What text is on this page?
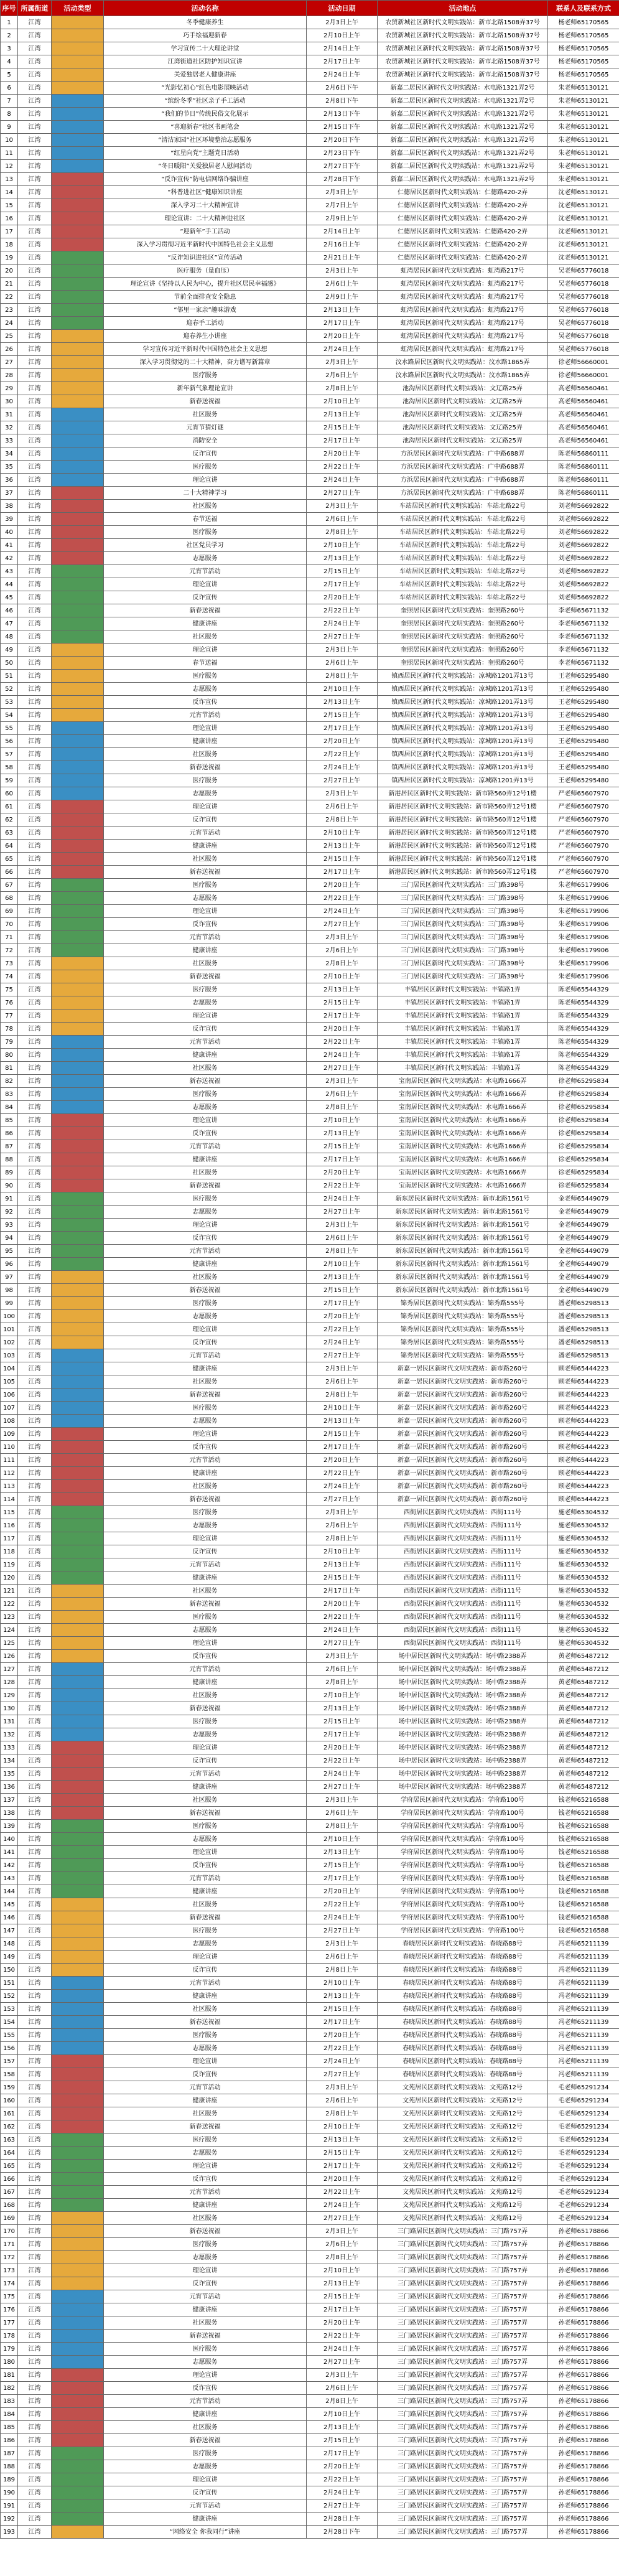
序号	所属街道	活动类型	活动名称	活动日期	活动地点	联系人及联系方式
1	江湾		冬季健康养生	2月3日上午	农贸新城社区新时代文明实践站：新市北路1508弄37号	杨老师65170565
2	江湾		巧手绘福迎新春	2月10日上午	农贸新城社区新时代文明实践站：新市北路1508弄37号	杨老师65170565
3	江湾		学习宣传二十大理论讲堂	2月14日上午	农贸新城社区新时代文明实践站：新市北路1508弄37号	杨老师65170565
4	江湾		江湾街道社区防护知识宣讲	2月17日上午	农贸新城社区新时代文明实践站：新市北路1508弄37号	杨老师65170565
5	江湾		关爱独居老人健康讲座	2月24日上午	农贸新城社区新时代文明实践站：新市北路1508弄37号	杨老师65170565
6	江湾		“光影忆初心”红色电影展映活动	2月6日下午	新嘉二居民区新时代文明实践站：水电路1321弄2号	朱老师65130121
7	江湾		“缤纷冬季”社区亲子手工活动	2月8日下午	新嘉二居民区新时代文明实践站：水电路1321弄2号	朱老师65130121
8	江湾		“我们的节日”传统民俗文化展示	2月13日下午	新嘉二居民区新时代文明实践站：水电路1321弄2号	朱老师65130121
9	江湾		“喜迎新春”社区书画笔会	2月15日下午	新嘉二居民区新时代文明实践站：水电路1321弄2号	朱老师65130121
10	江湾		“清洁家园”社区环境整治志愿服务	2月20日下午	新嘉二居民区新时代文明实践站：水电路1321弄2号	朱老师65130121
11	江湾		“红星向党”主题党日活动	2月23日下午	新嘉二居民区新时代文明实践站：水电路1321弄2号	朱老师65130121
12	江湾		“冬日暖阳”关爱独居老人慰问活动	2月27日下午	新嘉二居民区新时代文明实践站：水电路1321弄2号	朱老师65130121
13	江湾		“反诈宣传”防电信网络诈骗讲座	2月28日下午	新嘉二居民区新时代文明实践站：水电路1321弄2号	朱老师65130121
14	江湾		“科普进社区”健康知识讲座	2月3日上午	仁德居民区新时代文明实践站：仁德路420-2弄	沈老师65130121
15	江湾		深入学习二十大精神宣讲	2月7日上午	仁德居民区新时代文明实践站：仁德路420-2弄	沈老师65130121
16	江湾		理论宣讲：二十大精神进社区	2月9日上午	仁德居民区新时代文明实践站：仁德路420-2弄	沈老师65130121
17	江湾		“迎新年”手工活动	2月14日上午	仁德居民区新时代文明实践站：仁德路420-2弄	沈老师65130121
18	江湾		深入学习贯彻习近平新时代中国特色社会主义思想	2月16日上午	仁德居民区新时代文明实践站：仁德路420-2弄	沈老师65130121
19	江湾		“反诈知识进社区”宣传活动	2月21日上午	仁德居民区新时代文明实践站：仁德路420-2弄	沈老师65130121
20	江湾		医疗服务（量血压）	2月3日上午	虹湾居民区新时代文明实践站：虹湾路217号	吴老师65776018
21	江湾		理论宣讲《坚持以人民为中心，提升社区居民幸福感》	2月6日上午	虹湾居民区新时代文明实践站：虹湾路217号	吴老师65776018
22	江湾		节前全面排查安全隐患	2月9日上午	虹湾居民区新时代文明实践站：虹湾路217号	吴老师65776018
23	江湾		“邻里一家亲”趣味游戏	2月13日上午	虹湾居民区新时代文明实践站：虹湾路217号	吴老师65776018
24	江湾		迎春手工活动	2月17日上午	虹湾居民区新时代文明实践站：虹湾路217号	吴老师65776018
25	江湾		迎春养生小讲座	2月20日上午	虹湾居民区新时代文明实践站：虹湾路217号	吴老师65776018
26	江湾		学习宣传习近平新时代中国特色社会主义思想	2月24日上午	虹湾居民区新时代文明实践站：虹湾路217号	吴老师65776018
27	江湾		深入学习贯彻党的二十大精神，奋力谱写新篇章	2月3日上午	汶水路居民区新时代文明实践站：汶水路1865弄	徐老师56660001
28	江湾		医疗服务	2月6日上午	汶水路居民区新时代文明实践站：汶水路1865弄	徐老师56660001
29	江湾		新年新气象理论宣讲	2月8日上午	池沟居民区新时代文明实践站：文辽路25弄	高老师56560461
30	江湾		新春送祝福	2月10日上午	池沟居民区新时代文明实践站：文辽路25弄	高老师56560461
31	江湾		社区服务	2月13日上午	池沟居民区新时代文明实践站：文辽路25弄	高老师56560461
32	江湾		元宵节猜灯谜	2月15日上午	池沟居民区新时代文明实践站：文辽路25弄	高老师56560461
33	江湾		消防安全	2月17日上午	池沟居民区新时代文明实践站：文辽路25弄	高老师56560461
34	江湾		反诈宣传	2月20日上午	方浜居民区新时代文明实践站：广中路688弄	陈老师56860111
35	江湾		医疗服务	2月22日上午	方浜居民区新时代文明实践站：广中路688弄	陈老师56860111
36	江湾		理论宣讲	2月24日上午	方浜居民区新时代文明实践站：广中路688弄	陈老师56860111
37	江湾		二十大精神学习	2月27日上午	方浜居民区新时代文明实践站：广中路688弄	陈老师56860111
38	江湾		社区服务	2月3日上午	车站居民区新时代文明实践站：车站北路22号	刘老师56692822
39	江湾		春节送福	2月6日上午	车站居民区新时代文明实践站：车站北路22号	刘老师56692822
40	江湾		医疗服务	2月8日上午	车站居民区新时代文明实践站：车站北路22号	刘老师56692822
41	江湾		社区党员学习	2月10日上午	车站居民区新时代文明实践站：车站北路22号	刘老师56692822
42	江湾		志愿服务	2月13日上午	车站居民区新时代文明实践站：车站北路22号	刘老师56692822
43	江湾		元宵节活动	2月15日上午	车站居民区新时代文明实践站：车站北路22号	刘老师56692822
44	江湾		理论宣讲	2月17日上午	车站居民区新时代文明实践站：车站北路22号	刘老师56692822
45	江湾		反诈宣传	2月20日上午	车站居民区新时代文明实践站：车站北路22号	刘老师56692822
46	江湾		新春送祝福	2月22日上午	奎照居民区新时代文明实践站：奎照路260号	李老师65671132
47	江湾		健康讲座	2月24日上午	奎照居民区新时代文明实践站：奎照路260号	李老师65671132
48	江湾		社区服务	2月27日上午	奎照居民区新时代文明实践站：奎照路260号	李老师65671132
49	江湾		理论宣讲	2月3日上午	奎照居民区新时代文明实践站：奎照路260号	李老师65671132
50	江湾		春节送福	2月6日上午	奎照居民区新时代文明实践站：奎照路260号	李老师65671132
51	江湾		医疗服务	2月8日上午	镇西居民区新时代文明实践站：凉城路1201弄13号	王老师65295480
52	江湾		志愿服务	2月10日上午	镇西居民区新时代文明实践站：凉城路1201弄13号	王老师65295480
53	江湾		反诈宣传	2月13日上午	镇西居民区新时代文明实践站：凉城路1201弄13号	王老师65295480
54	江湾		元宵节活动	2月15日上午	镇西居民区新时代文明实践站：凉城路1201弄13号	王老师65295480
55	江湾		理论宣讲	2月17日上午	镇西居民区新时代文明实践站：凉城路1201弄13号	王老师65295480
56	江湾		健康讲座	2月20日上午	镇西居民区新时代文明实践站：凉城路1201弄13号	王老师65295480
57	江湾		社区服务	2月22日上午	镇西居民区新时代文明实践站：凉城路1201弄13号	王老师65295480
58	江湾		新春送祝福	2月24日上午	镇西居民区新时代文明实践站：凉城路1201弄13号	王老师65295480
59	江湾		医疗服务	2月27日上午	镇西居民区新时代文明实践站：凉城路1201弄13号	王老师65295480
60	江湾		志愿服务	2月3日上午	新港居民区新时代文明实践站：新市路560弄12号1楼	严老师65607970
61	江湾		理论宣讲	2月6日上午	新港居民区新时代文明实践站：新市路560弄12号1楼	严老师65607970
62	江湾		反诈宣传	2月8日上午	新港居民区新时代文明实践站：新市路560弄12号1楼	严老师65607970
63	江湾		元宵节活动	2月10日上午	新港居民区新时代文明实践站：新市路560弄12号1楼	严老师65607970
64	江湾		健康讲座	2月13日上午	新港居民区新时代文明实践站：新市路560弄12号1楼	严老师65607970
65	江湾		社区服务	2月15日上午	新港居民区新时代文明实践站：新市路560弄12号1楼	严老师65607970
66	江湾		新春送祝福	2月17日上午	新港居民区新时代文明实践站：新市路560弄12号1楼	严老师65607970
67	江湾		医疗服务	2月20日上午	三门居民区新时代文明实践站：三门路398号	朱老师65179906
68	江湾		志愿服务	2月22日上午	三门居民区新时代文明实践站：三门路398号	朱老师65179906
69	江湾		理论宣讲	2月24日上午	三门居民区新时代文明实践站：三门路398号	朱老师65179906
70	江湾		反诈宣传	2月27日上午	三门居民区新时代文明实践站：三门路398号	朱老师65179906
71	江湾		元宵节活动	2月3日上午	三门居民区新时代文明实践站：三门路398号	朱老师65179906
72	江湾		健康讲座	2月6日上午	三门居民区新时代文明实践站：三门路398号	朱老师65179906
73	江湾		社区服务	2月8日上午	三门居民区新时代文明实践站：三门路398号	朱老师65179906
74	江湾		新春送祝福	2月10日上午	三门居民区新时代文明实践站：三门路398号	朱老师65179906
75	江湾		医疗服务	2月13日上午	丰镇居民区新时代文明实践站：丰镇路1弄	陈老师65544329
76	江湾		志愿服务	2月15日上午	丰镇居民区新时代文明实践站：丰镇路1弄	陈老师65544329
77	江湾		理论宣讲	2月17日上午	丰镇居民区新时代文明实践站：丰镇路1弄	陈老师65544329
78	江湾		反诈宣传	2月20日上午	丰镇居民区新时代文明实践站：丰镇路1弄	陈老师65544329
79	江湾		元宵节活动	2月22日上午	丰镇居民区新时代文明实践站：丰镇路1弄	陈老师65544329
80	江湾		健康讲座	2月24日上午	丰镇居民区新时代文明实践站：丰镇路1弄	陈老师65544329
81	江湾		社区服务	2月27日上午	丰镇居民区新时代文明实践站：丰镇路1弄	陈老师65544329
82	江湾		新春送祝福	2月3日上午	宝南居民区新时代文明实践站：水电路1666弄	徐老师65295834
83	江湾		医疗服务	2月6日上午	宝南居民区新时代文明实践站：水电路1666弄	徐老师65295834
84	江湾		志愿服务	2月8日上午	宝南居民区新时代文明实践站：水电路1666弄	徐老师65295834
85	江湾		理论宣讲	2月10日上午	宝南居民区新时代文明实践站：水电路1666弄	徐老师65295834
86	江湾		反诈宣传	2月13日上午	宝南居民区新时代文明实践站：水电路1666弄	徐老师65295834
87	江湾		元宵节活动	2月15日上午	宝南居民区新时代文明实践站：水电路1666弄	徐老师65295834
88	江湾		健康讲座	2月17日上午	宝南居民区新时代文明实践站：水电路1666弄	徐老师65295834
89	江湾		社区服务	2月20日上午	宝南居民区新时代文明实践站：水电路1666弄	徐老师65295834
90	江湾		新春送祝福	2月22日上午	宝南居民区新时代文明实践站：水电路1666弄	徐老师65295834
91	江湾		医疗服务	2月24日上午	新东居民区新时代文明实践站：新市北路1561号	金老师65449079
92	江湾		志愿服务	2月27日上午	新东居民区新时代文明实践站：新市北路1561号	金老师65449079
93	江湾		理论宣讲	2月3日上午	新东居民区新时代文明实践站：新市北路1561号	金老师65449079
94	江湾		反诈宣传	2月6日上午	新东居民区新时代文明实践站：新市北路1561号	金老师65449079
95	江湾		元宵节活动	2月8日上午	新东居民区新时代文明实践站：新市北路1561号	金老师65449079
96	江湾		健康讲座	2月10日上午	新东居民区新时代文明实践站：新市北路1561号	金老师65449079
97	江湾		社区服务	2月13日上午	新东居民区新时代文明实践站：新市北路1561号	金老师65449079
98	江湾		新春送祝福	2月15日上午	新东居民区新时代文明实践站：新市北路1561号	金老师65449079
99	江湾		医疗服务	2月17日上午	锦秀居民区新时代文明实践站：锦秀路555号	潘老师65298513
100	江湾		志愿服务	2月20日上午	锦秀居民区新时代文明实践站：锦秀路555号	潘老师65298513
101	江湾		理论宣讲	2月22日上午	锦秀居民区新时代文明实践站：锦秀路555号	潘老师65298513
102	江湾		反诈宣传	2月24日上午	锦秀居民区新时代文明实践站：锦秀路555号	潘老师65298513
103	江湾		元宵节活动	2月27日上午	锦秀居民区新时代文明实践站：锦秀路555号	潘老师65298513
104	江湾		健康讲座	2月3日上午	新嘉一居民区新时代文明实践站：新市路260号	顾老师65444223
105	江湾		社区服务	2月6日上午	新嘉一居民区新时代文明实践站：新市路260号	顾老师65444223
106	江湾		新春送祝福	2月8日上午	新嘉一居民区新时代文明实践站：新市路260号	顾老师65444223
107	江湾		医疗服务	2月10日上午	新嘉一居民区新时代文明实践站：新市路260号	顾老师65444223
108	江湾		志愿服务	2月13日上午	新嘉一居民区新时代文明实践站：新市路260号	顾老师65444223
109	江湾		理论宣讲	2月15日上午	新嘉一居民区新时代文明实践站：新市路260号	顾老师65444223
110	江湾		反诈宣传	2月17日上午	新嘉一居民区新时代文明实践站：新市路260号	顾老师65444223
111	江湾		元宵节活动	2月20日上午	新嘉一居民区新时代文明实践站：新市路260号	顾老师65444223
112	江湾		健康讲座	2月22日上午	新嘉一居民区新时代文明实践站：新市路260号	顾老师65444223
113	江湾		社区服务	2月24日上午	新嘉一居民区新时代文明实践站：新市路260号	顾老师65444223
114	江湾		新春送祝福	2月27日上午	新嘉一居民区新时代文明实践站：新市路260号	顾老师65444223
115	江湾		医疗服务	2月3日上午	西街居民区新时代文明实践站：西街111号	施老师65304532
116	江湾		志愿服务	2月6日上午	西街居民区新时代文明实践站：西街111号	施老师65304532
117	江湾		理论宣讲	2月8日上午	西街居民区新时代文明实践站：西街111号	施老师65304532
118	江湾		反诈宣传	2月10日上午	西街居民区新时代文明实践站：西街111号	施老师65304532
119	江湾		元宵节活动	2月13日上午	西街居民区新时代文明实践站：西街111号	施老师65304532
120	江湾		健康讲座	2月15日上午	西街居民区新时代文明实践站：西街111号	施老师65304532
121	江湾		社区服务	2月17日上午	西街居民区新时代文明实践站：西街111号	施老师65304532
122	江湾		新春送祝福	2月20日上午	西街居民区新时代文明实践站：西街111号	施老师65304532
123	江湾		医疗服务	2月22日上午	西街居民区新时代文明实践站：西街111号	施老师65304532
124	江湾		志愿服务	2月24日上午	西街居民区新时代文明实践站：西街111号	施老师65304532
125	江湾		理论宣讲	2月27日上午	西街居民区新时代文明实践站：西街111号	施老师65304532
126	江湾		反诈宣传	2月3日上午	场中居民区新时代文明实践站：场中路2388弄	黄老师65487212
127	江湾		元宵节活动	2月6日上午	场中居民区新时代文明实践站：场中路2388弄	黄老师65487212
128	江湾		健康讲座	2月8日上午	场中居民区新时代文明实践站：场中路2388弄	黄老师65487212
129	江湾		社区服务	2月10日上午	场中居民区新时代文明实践站：场中路2388弄	黄老师65487212
130	江湾		新春送祝福	2月13日上午	场中居民区新时代文明实践站：场中路2388弄	黄老师65487212
131	江湾		医疗服务	2月15日上午	场中居民区新时代文明实践站：场中路2388弄	黄老师65487212
132	江湾		志愿服务	2月17日上午	场中居民区新时代文明实践站：场中路2388弄	黄老师65487212
133	江湾		理论宣讲	2月20日上午	场中居民区新时代文明实践站：场中路2388弄	黄老师65487212
134	江湾		反诈宣传	2月22日上午	场中居民区新时代文明实践站：场中路2388弄	黄老师65487212
135	江湾		元宵节活动	2月24日上午	场中居民区新时代文明实践站：场中路2388弄	黄老师65487212
136	江湾		健康讲座	2月27日上午	场中居民区新时代文明实践站：场中路2388弄	黄老师65487212
137	江湾		社区服务	2月3日上午	学府居民区新时代文明实践站：学府路100号	钱老师65216588
138	江湾		新春送祝福	2月6日上午	学府居民区新时代文明实践站：学府路100号	钱老师65216588
139	江湾		医疗服务	2月8日上午	学府居民区新时代文明实践站：学府路100号	钱老师65216588
140	江湾		志愿服务	2月10日上午	学府居民区新时代文明实践站：学府路100号	钱老师65216588
141	江湾		理论宣讲	2月13日上午	学府居民区新时代文明实践站：学府路100号	钱老师65216588
142	江湾		反诈宣传	2月15日上午	学府居民区新时代文明实践站：学府路100号	钱老师65216588
143	江湾		元宵节活动	2月17日上午	学府居民区新时代文明实践站：学府路100号	钱老师65216588
144	江湾		健康讲座	2月20日上午	学府居民区新时代文明实践站：学府路100号	钱老师65216588
145	江湾		社区服务	2月22日上午	学府居民区新时代文明实践站：学府路100号	钱老师65216588
146	江湾		新春送祝福	2月24日上午	学府居民区新时代文明实践站：学府路100号	钱老师65216588
147	江湾		医疗服务	2月27日上午	学府居民区新时代文明实践站：学府路100号	钱老师65216588
148	江湾		志愿服务	2月3日上午	春晓居民区新时代文明实践站：春晓路88号	冯老师65211139
149	江湾		理论宣讲	2月6日上午	春晓居民区新时代文明实践站：春晓路88号	冯老师65211139
150	江湾		反诈宣传	2月8日上午	春晓居民区新时代文明实践站：春晓路88号	冯老师65211139
151	江湾		元宵节活动	2月10日上午	春晓居民区新时代文明实践站：春晓路88号	冯老师65211139
152	江湾		健康讲座	2月13日上午	春晓居民区新时代文明实践站：春晓路88号	冯老师65211139
153	江湾		社区服务	2月15日上午	春晓居民区新时代文明实践站：春晓路88号	冯老师65211139
154	江湾		新春送祝福	2月17日上午	春晓居民区新时代文明实践站：春晓路88号	冯老师65211139
155	江湾		医疗服务	2月20日上午	春晓居民区新时代文明实践站：春晓路88号	冯老师65211139
156	江湾		志愿服务	2月22日上午	春晓居民区新时代文明实践站：春晓路88号	冯老师65211139
157	江湾		理论宣讲	2月24日上午	春晓居民区新时代文明实践站：春晓路88号	冯老师65211139
158	江湾		反诈宣传	2月27日上午	春晓居民区新时代文明实践站：春晓路88号	冯老师65211139
159	江湾		元宵节活动	2月3日上午	文苑居民区新时代文明实践站：文苑路12号	毛老师65291234
160	江湾		健康讲座	2月6日上午	文苑居民区新时代文明实践站：文苑路12号	毛老师65291234
161	江湾		社区服务	2月8日上午	文苑居民区新时代文明实践站：文苑路12号	毛老师65291234
162	江湾		新春送祝福	2月10日上午	文苑居民区新时代文明实践站：文苑路12号	毛老师65291234
163	江湾		医疗服务	2月13日上午	文苑居民区新时代文明实践站：文苑路12号	毛老师65291234
164	江湾		志愿服务	2月15日上午	文苑居民区新时代文明实践站：文苑路12号	毛老师65291234
165	江湾		理论宣讲	2月17日上午	文苑居民区新时代文明实践站：文苑路12号	毛老师65291234
166	江湾		反诈宣传	2月20日上午	文苑居民区新时代文明实践站：文苑路12号	毛老师65291234
167	江湾		元宵节活动	2月22日上午	文苑居民区新时代文明实践站：文苑路12号	毛老师65291234
168	江湾		健康讲座	2月24日上午	文苑居民区新时代文明实践站：文苑路12号	毛老师65291234
169	江湾		社区服务	2月27日上午	文苑居民区新时代文明实践站：文苑路12号	毛老师65291234
170	江湾		新春送祝福	2月3日上午	三门路居民区新时代文明实践站：三门路757弄	孙老师65178866
171	江湾		医疗服务	2月6日上午	三门路居民区新时代文明实践站：三门路757弄	孙老师65178866
172	江湾		志愿服务	2月8日上午	三门路居民区新时代文明实践站：三门路757弄	孙老师65178866
173	江湾		理论宣讲	2月10日上午	三门路居民区新时代文明实践站：三门路757弄	孙老师65178866
174	江湾		反诈宣传	2月13日上午	三门路居民区新时代文明实践站：三门路757弄	孙老师65178866
175	江湾		元宵节活动	2月15日上午	三门路居民区新时代文明实践站：三门路757弄	孙老师65178866
176	江湾		健康讲座	2月17日上午	三门路居民区新时代文明实践站：三门路757弄	孙老师65178866
177	江湾		社区服务	2月20日上午	三门路居民区新时代文明实践站：三门路757弄	孙老师65178866
178	江湾		新春送祝福	2月22日上午	三门路居民区新时代文明实践站：三门路757弄	孙老师65178866
179	江湾		医疗服务	2月24日上午	三门路居民区新时代文明实践站：三门路757弄	孙老师65178866
180	江湾		志愿服务	2月27日上午	三门路居民区新时代文明实践站：三门路757弄	孙老师65178866
181	江湾		理论宣讲	2月3日上午	三门路居民区新时代文明实践站：三门路757弄	孙老师65178866
182	江湾		反诈宣传	2月6日上午	三门路居民区新时代文明实践站：三门路757弄	孙老师65178866
183	江湾		元宵节活动	2月8日上午	三门路居民区新时代文明实践站：三门路757弄	孙老师65178866
184	江湾		健康讲座	2月10日上午	三门路居民区新时代文明实践站：三门路757弄	孙老师65178866
185	江湾		社区服务	2月13日上午	三门路居民区新时代文明实践站：三门路757弄	孙老师65178866
186	江湾		新春送祝福	2月15日上午	三门路居民区新时代文明实践站：三门路757弄	孙老师65178866
187	江湾		医疗服务	2月17日上午	三门路居民区新时代文明实践站：三门路757弄	孙老师65178866
188	江湾		志愿服务	2月20日上午	三门路居民区新时代文明实践站：三门路757弄	孙老师65178866
189	江湾		理论宣讲	2月22日上午	三门路居民区新时代文明实践站：三门路757弄	孙老师65178866
190	江湾		反诈宣传	2月24日上午	三门路居民区新时代文明实践站：三门路757弄	孙老师65178866
191	江湾		元宵节活动	2月27日上午	三门路居民区新时代文明实践站：三门路757弄	孙老师65178866
192	江湾		健康讲座	2月28日上午	三门路居民区新时代文明实践站：三门路757弄	孙老师65178866
193	江湾		“网络安全 你我同行”讲座	2月28日下午	三门路居民区新时代文明实践站：三门路757弄	孙老师65178866
